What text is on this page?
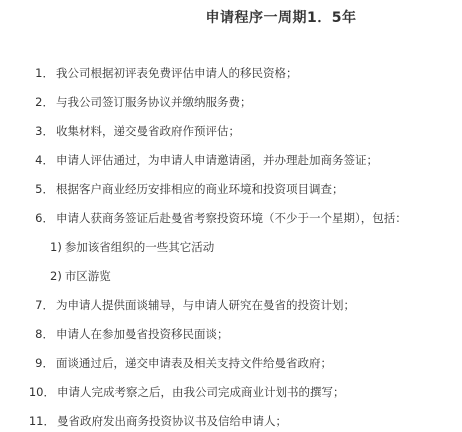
申请程序一周期1．5年
1． 我公司根据初评表免费评估申请人的移民资格；
2． 与我公司签订服务协议并缴纳服务费；
3． 收集材料，递交曼省政府作预评估；
4． 申请人评估通过，为申请人申请邀请函，并办理赴加商务签证；
5． 根据客户商业经历安排相应的商业环境和投资项目调查；
6． 申请人获商务签证后赴曼省考察投资环境（不少于一个星期），包括：
1) 参加该省组织的一些其它活动
2) 市区游览
7． 为申请人提供面谈辅导，与申请人研究在曼省的投资计划；
8． 申请人在参加曼省投资移民面谈；
9． 面谈通过后，递交申请表及相关支持文件给曼省政府；
10． 申请人完成考察之后，由我公司完成商业计划书的撰写；
11． 曼省政府发出商务投资协议书及信给申请人；
